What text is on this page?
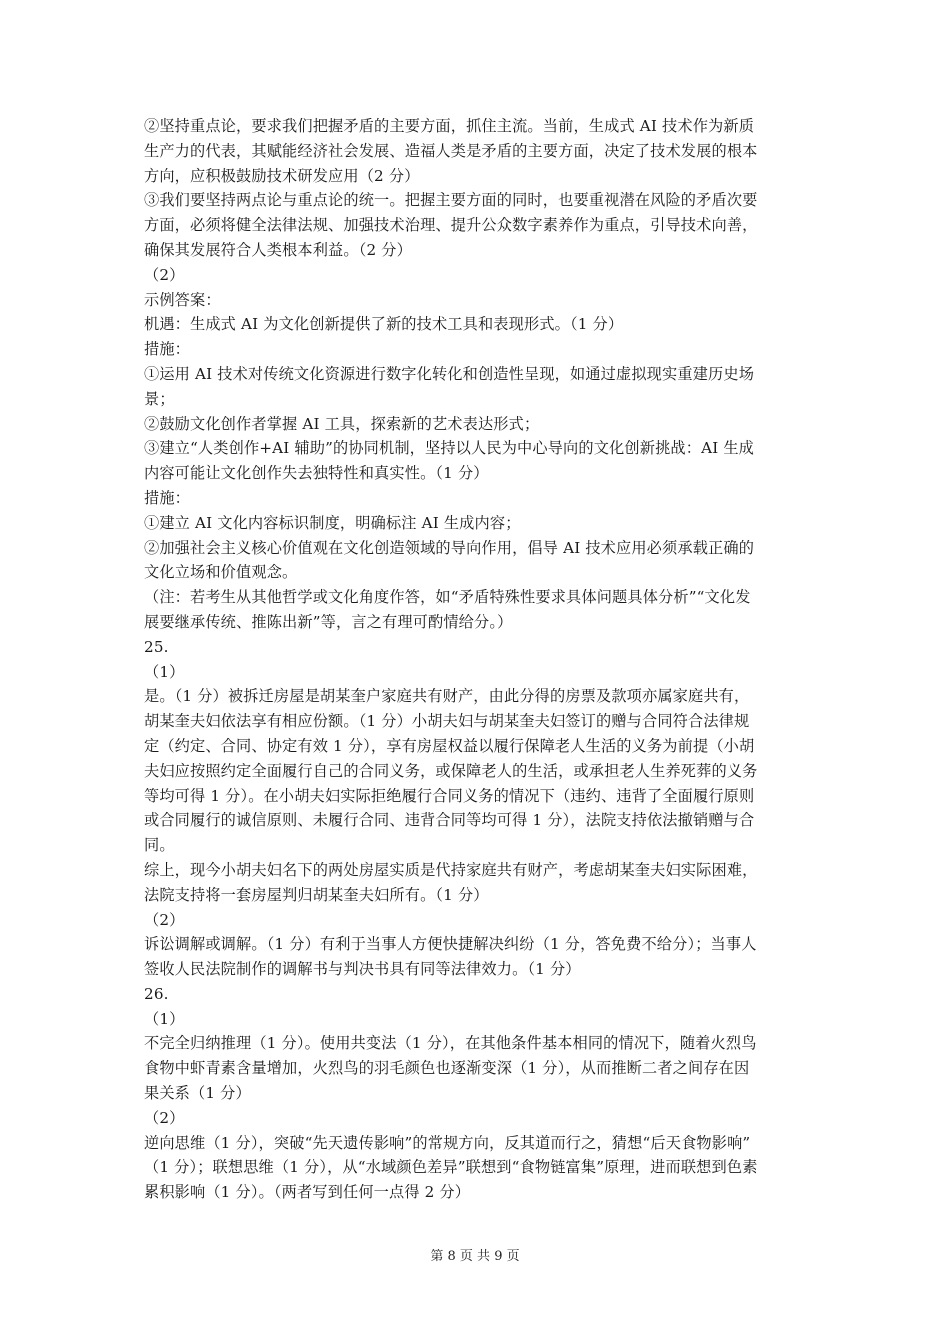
②坚持重点论，要求我们把握矛盾的主要方面，抓住主流。当前，生成式 AI 技术作为新质
生产力的代表，其赋能经济社会发展、造福人类是矛盾的主要方面，决定了技术发展的根本
方向，应积极鼓励技术研发应用（2 分）
③我们要坚持两点论与重点论的统一。把握主要方面的同时，也要重视潜在风险的矛盾次要
方面，必须将健全法律法规、加强技术治理、提升公众数字素养作为重点，引导技术向善，
确保其发展符合人类根本利益。（2 分）
（2）
示例答案：
机遇：生成式 AI 为文化创新提供了新的技术工具和表现形式。（1 分）
措施：
①运用 AI 技术对传统文化资源进行数字化转化和创造性呈现，如通过虚拟现实重建历史场
景；
②鼓励文化创作者掌握 AI 工具，探索新的艺术表达形式；
③建立“人类创作+AI 辅助”的协同机制，坚持以人民为中心导向的文化创新挑战：AI 生成
内容可能让文化创作失去独特性和真实性。（1 分）
措施：
①建立 AI 文化内容标识制度，明确标注 AI 生成内容；
②加强社会主义核心价值观在文化创造领域的导向作用，倡导 AI 技术应用必须承载正确的
文化立场和价值观念。
（注：若考生从其他哲学或文化角度作答，如“矛盾特殊性要求具体问题具体分析”“文化发
展要继承传统、推陈出新”等，言之有理可酌情给分。）
25.
（1）
是。（1 分）被拆迁房屋是胡某奎户家庭共有财产，由此分得的房票及款项亦属家庭共有，
胡某奎夫妇依法享有相应份额。（1 分）小胡夫妇与胡某奎夫妇签订的赠与合同符合法律规
定（约定、合同、协定有效 1 分），享有房屋权益以履行保障老人生活的义务为前提（小胡
夫妇应按照约定全面履行自己的合同义务，或保障老人的生活，或承担老人生养死葬的义务
等均可得 1 分）。在小胡夫妇实际拒绝履行合同义务的情况下（违约、违背了全面履行原则
或合同履行的诚信原则、未履行合同、违背合同等均可得 1 分），法院支持依法撤销赠与合
同。
综上，现今小胡夫妇名下的两处房屋实质是代持家庭共有财产，考虑胡某奎夫妇实际困难，
法院支持将一套房屋判归胡某奎夫妇所有。（1 分）
（2）
诉讼调解或调解。（1 分）有利于当事人方便快捷解决纠纷（1 分，答免费不给分）；当事人
签收人民法院制作的调解书与判决书具有同等法律效力。（1 分）
26.
（1）
不完全归纳推理（1 分）。使用共变法（1 分），在其他条件基本相同的情况下，随着火烈鸟
食物中虾青素含量增加，火烈鸟的羽毛颜色也逐渐变深（1 分），从而推断二者之间存在因
果关系（1 分）
（2）
逆向思维（1 分），突破“先天遗传影响”的常规方向，反其道而行之，猜想“后天食物影响”
（1 分）；联想思维（1 分），从“水域颜色差异”联想到“食物链富集”原理，进而联想到色素
累积影响（1 分）。（两者写到任何一点得 2 分）
第 8 页 共 9 页
